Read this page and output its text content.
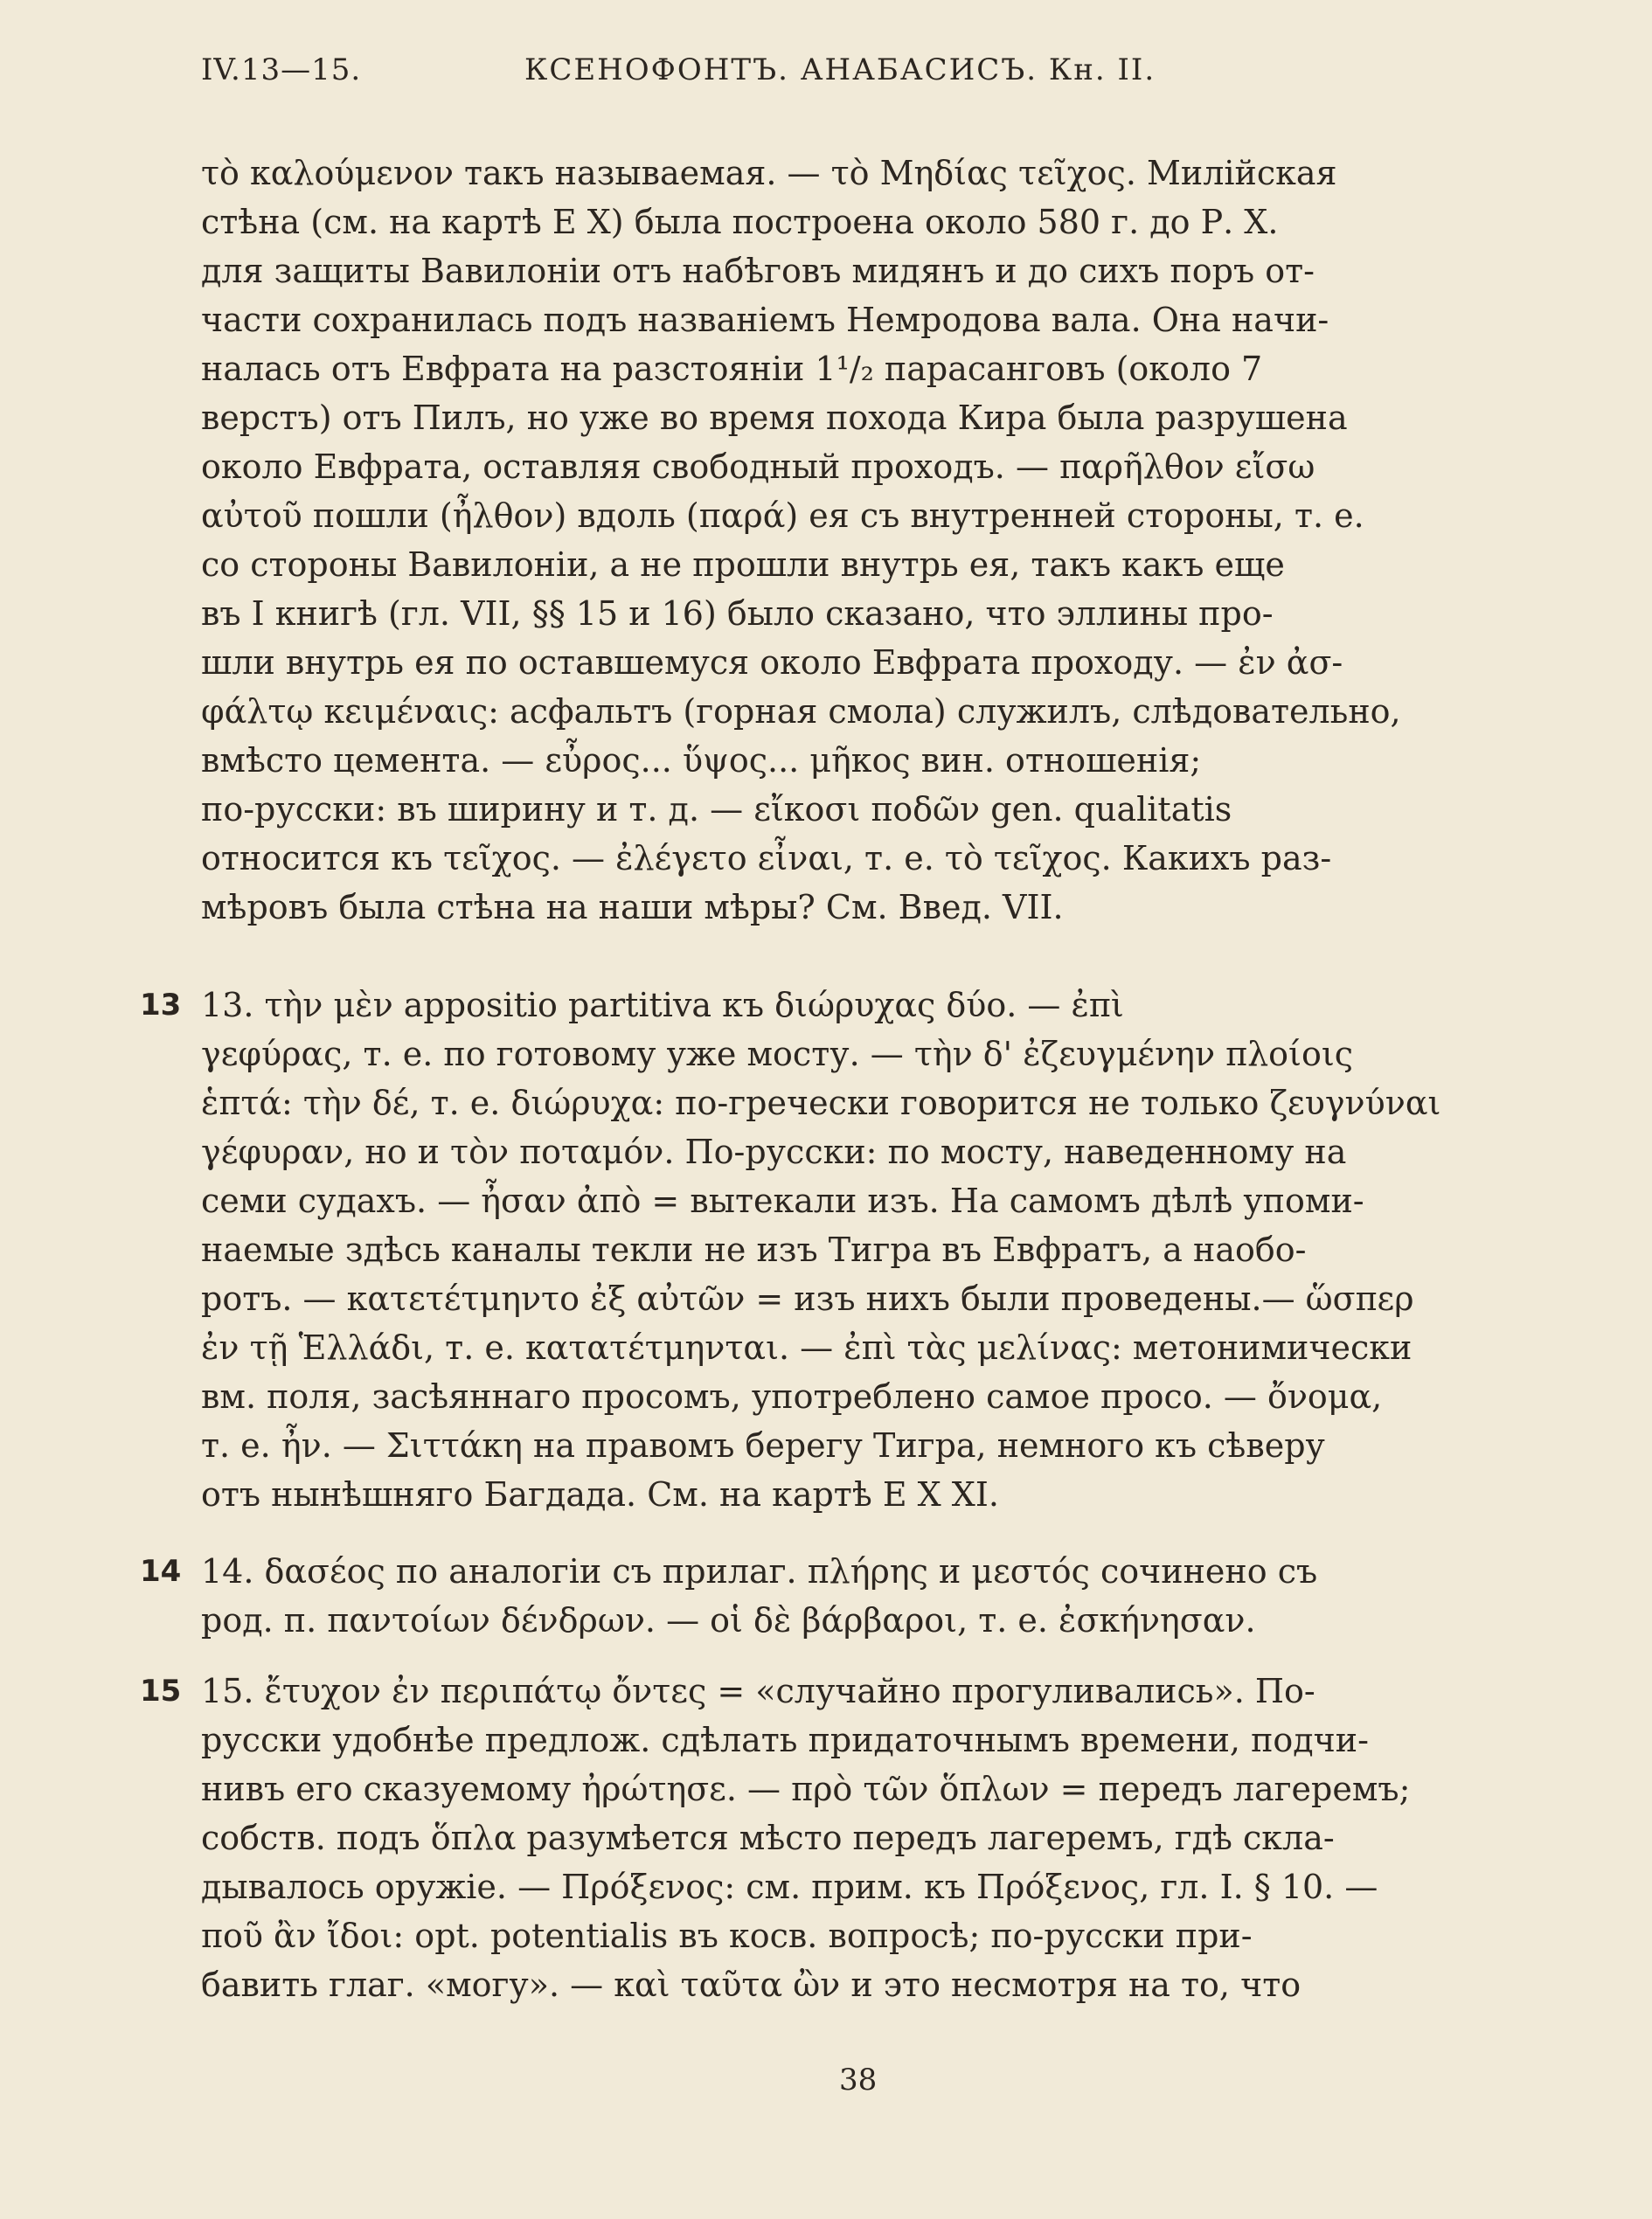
IV.13—15.	КСЕНОФОНТЪ. АНАБАСИСЪ. Кн. II.
τὸ καλούμενον такъ называемая. — τὸ Μηδίας τεῖχος. Милійская
стѣна (см. на картѣ E X) была построена около 580 г. до Р. Х.
для защиты Вавилоніи отъ набѣговъ мидянъ и до сихъ поръ от-
части сохранилась подъ названіемъ Немродова вала. Она начи-
налась отъ Евфрата на разстояніи 1¹/₂ парасанговъ (около 7
верстъ) отъ Пилъ, но уже во время похода Кира была разрушена
около Евфрата, оставляя свободный проходъ. — παρῆλθον εἴσω
αὐτοῦ пошли (ἦλθον) вдоль (παρά) ея съ внутренней стороны, т. е.
со стороны Вавилоніи, а не прошли внутрь ея, такъ какъ еще
въ I книгѣ (гл. VII, §§ 15 и 16) было сказано, что эллины про-
шли внутрь ея по оставшемуся около Евфрата проходу. — ἐν ἀσ-
φάλτῳ κειμέναις: асфальтъ (горная смола) служилъ, слѣдовательно,
вмѣсто цемента. — εὖρος... ὕψος... μῆκος вин. отношенія;
по-русски: въ ширину и т. д. — εἴκοσι ποδῶν gen. qualitatis
относится къ τεῖχος. — ἐλέγετο εἶναι, т. е. τὸ τεῖχος. Какихъ раз-
мѣровъ была стѣна на наши мѣры? См. Введ. VII.
13 13. τὴν μὲν appositio partitiva къ διώρυχας δύο. — ἐπὶ
γεφύρας, т. е. по готовому уже мосту. — τὴν δ' ἐζευγμένην πλοίοις
ἑπτά: τὴν δέ, т. е. διώρυχα: по-гречески говорится не только ζευγνύναι
γέφυραν, но и τὸν ποταμόν. По-русски: по мосту, наведенному на
семи судахъ. — ἦσαν ἀπὸ = вытекали изъ. На самомъ дѣлѣ упоми-
наемые здѣсь каналы текли не изъ Тигра въ Евфратъ, а наобо-
ротъ. — κατετέτμηντο ἐξ αὐτῶν = изъ нихъ были проведены.— ὥσπερ
ἐν τῇ Ἑλλάδι, т. е. κατατέτμηνται. — ἐπὶ τὰς μελίνας: метонимически
вм. поля, засѣяннаго просомъ, употреблено самое просо. — ὄνομα,
т. е. ἦν. — Σιττάκη на правомъ берегу Тигра, немного къ сѣверу
отъ нынѣшняго Багдада. См. на картѣ E X XI.
14 14. δασέος по аналогіи съ прилаг. πλήρης и μεστός сочинено съ
род. п. παντοίων δένδρων. — οἱ δὲ βάρβαροι, т. е. ἐσκήνησαν.
15 15. ἔτυχον ἐν περιπάτῳ ὄντες = «случайно прогуливались». По-
русски удобнѣе предлож. сдѣлать придаточнымъ времени, подчи-
нивъ его сказуемому ἠρώτησε. — πρὸ τῶν ὅπλων = передъ лагеремъ;
собств. подъ ὅπλα разумѣется мѣсто передъ лагеремъ, гдѣ скла-
дывалось оружіе. — Πρόξενος: см. прим. къ Πρόξενος, гл. I. § 10. —
ποῦ ἂν ἴδοι: opt. potentialis въ косв. вопросѣ; по-русски при-
бавить глаг. «могу». — καὶ ταῦτα ὢν и это несмотря на то, что
38
